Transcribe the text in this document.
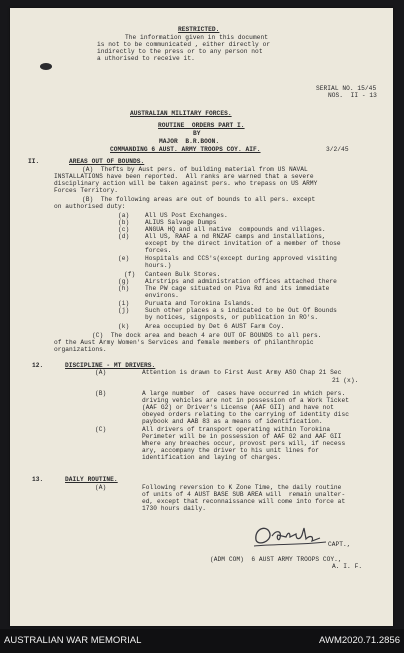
RESTRICTED.
The information given in this document
is not to be communicated , either directly or
indirectly to the press or to any person not
a uthorised to receive it.
SERIAL NO. 15/45
NOS.  II - 13
AUSTRALIAN MILITARY FORCES.
ROUTINE  ORDERS PART I.
BY
MAJOR  B.R.BOON.
COMMANDING 6 AUST. ARMY TROOPS COY. AIF.	3/2/45
II.	AREAS OUT OF BOUNDS.
(A)  Thefts by Aust pers. of building material from US NAVAL
INSTALLATIONS have been reported.  All ranks are warned that a severe
disciplinary action will be taken against pers. who trepass on US ARMY
Forces Territory.
(B)  The following areas are out of bounds to all pers. except
on authorised duty:
(a)	All US Post Exchanges.
(b)	ALIUS Salvage Dumps
(c)	ANGUA HQ and all native  compounds and villages.
(d)	All US, RAAF a nd RNZAF camps and installations,
except by the direct invitation of a member of those
forces.
(e)	Hospitals and CCS's(except during approved visiting
hours.)
(f) Canteen Bulk Stores.
(g)	Airstrips and administration offices attached there
(h)	The PW cage situated on Piva Rd and its immediate
environs.
(i)	Puruata and Torokina Islands.
(j)	Such other places a s indicated to be Out Of Bounds
by notices, signposts, or publication in RO's.
(k)	Area occupied by Det 6 AUST Farm Coy.
(C)  The dock area and beach 4 are OUT OF BOUNDS to all pers.
of the Aust Army Women's Services and female members of philanthropic
organizations.
12.	DISCIPLINE - MT DRIVERS.
(A)	Attention is drawn to First Aust Army ASO Chap 21 Sec
21 (x).
(B)	A large number  of  cases have occurred in which pers.
driving vehicles are not in possession of a Work Ticket
(AAF G2) or Driver's License (AAF GII) and have not
obeyed orders relating to the carrying of identity disc
paybook and AAB 83 as a means of identification.
(C)	All drivers of transport operating within Torokina
Perimeter will be in possession of AAF G2 and AAF GII
Where any breaches occur, provost pers will, if necess
ary, accompany the driver to his unit lines for
identification and laying of charges.
13.	DAILY ROUTINE.
(A)	Following reversion to K Zone Time, the daily routine
of units of 4 AUST BASE SUB AREA will  remain unalter-
ed, except that reconnaissance will come into force at
1730 hours daily.
CAPT.,
(ADM COM)  6 AUST ARMY TROOPS COY.,
A. I. F.
AUSTRALIAN WAR MEMORIAL	AWM2020.71.2856
